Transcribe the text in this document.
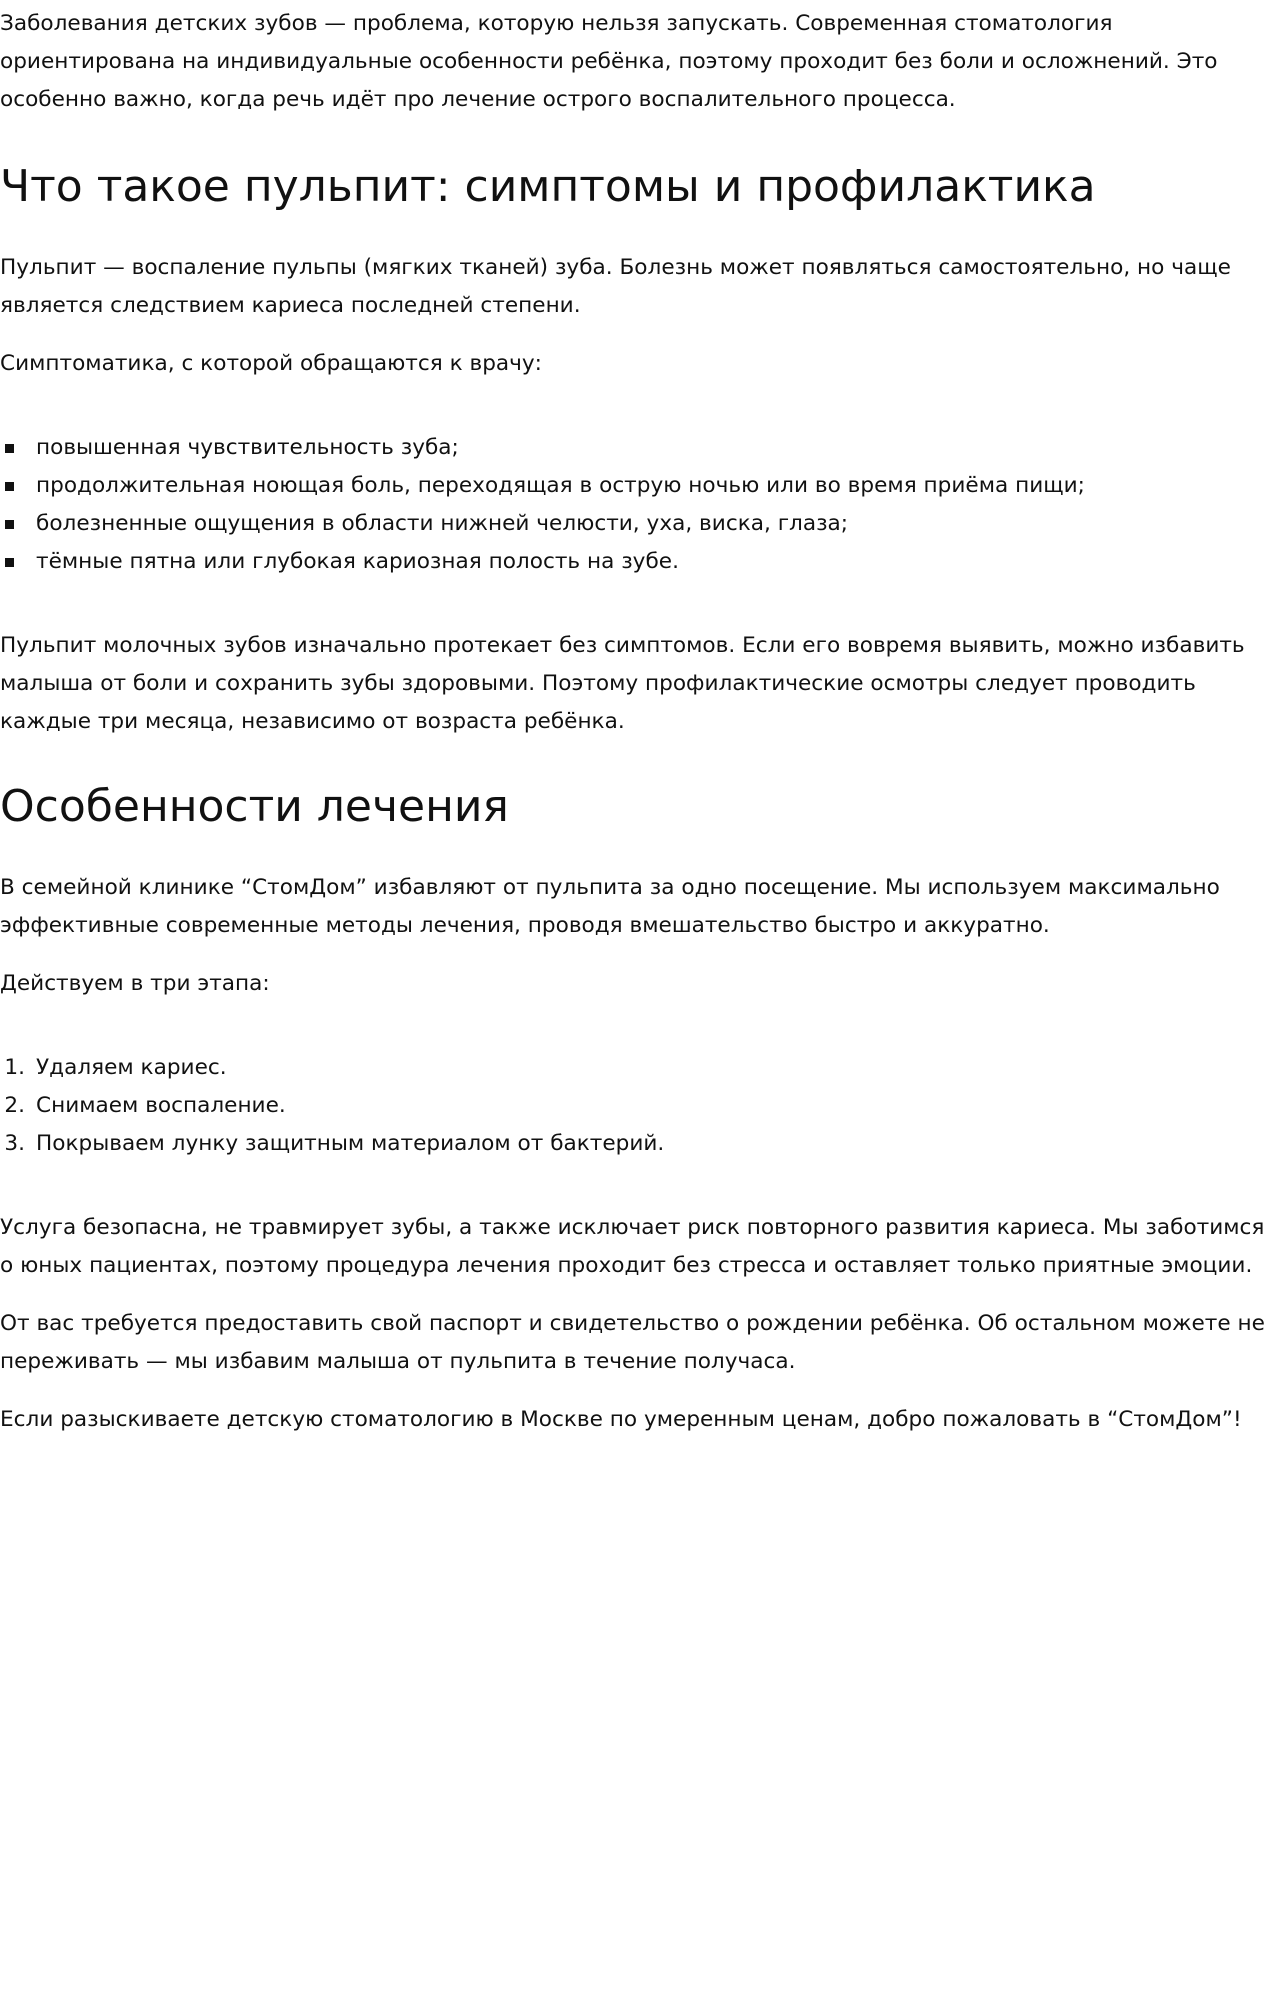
Заболевания детских зубов — проблема, которую нельзя запускать. Современная стоматология ориентирована на индивидуальные особенности ребёнка, поэтому проходит без боли и осложнений. Это особенно важно, когда речь идёт про лечение острого воспалительного процесса.

Что такое пульпит: симптомы и профилактика

Пульпит — воспаление пульпы (мягких тканей) зуба. Болезнь может появляться самостоятельно, но чаще является следствием кариеса последней степени.

Симптоматика, с которой обращаются к врачу:

повышенная чувствительность зуба;
продолжительная ноющая боль, переходящая в острую ночью или во время приёма пищи;
болезненные ощущения в области нижней челюсти, уха, виска, глаза;
тёмные пятна или глубокая кариозная полость на зубе.

Пульпит молочных зубов изначально протекает без симптомов. Если его вовремя выявить, можно избавить малыша от боли и сохранить зубы здоровыми. Поэтому профилактические осмотры следует проводить каждые три месяца, независимо от возраста ребёнка.

Особенности лечения

В семейной клинике “СтомДом” избавляют от пульпита за одно посещение. Мы используем максимально эффективные современные методы лечения, проводя вмешательство быстро и аккуратно.

Действуем в три этапа:

1. Удаляем кариес.
2. Снимаем воспаление.
3. Покрываем лунку защитным материалом от бактерий.

Услуга безопасна, не травмирует зубы, а также исключает риск повторного развития кариеса. Мы заботимся о юных пациентах, поэтому процедура лечения проходит без стресса и оставляет только приятные эмоции.

От вас требуется предоставить свой паспорт и свидетельство о рождении ребёнка. Об остальном можете не переживать — мы избавим малыша от пульпита в течение получаса.

Если разыскиваете детскую стоматологию в Москве по умеренным ценам, добро пожаловать в “СтомДом”!
